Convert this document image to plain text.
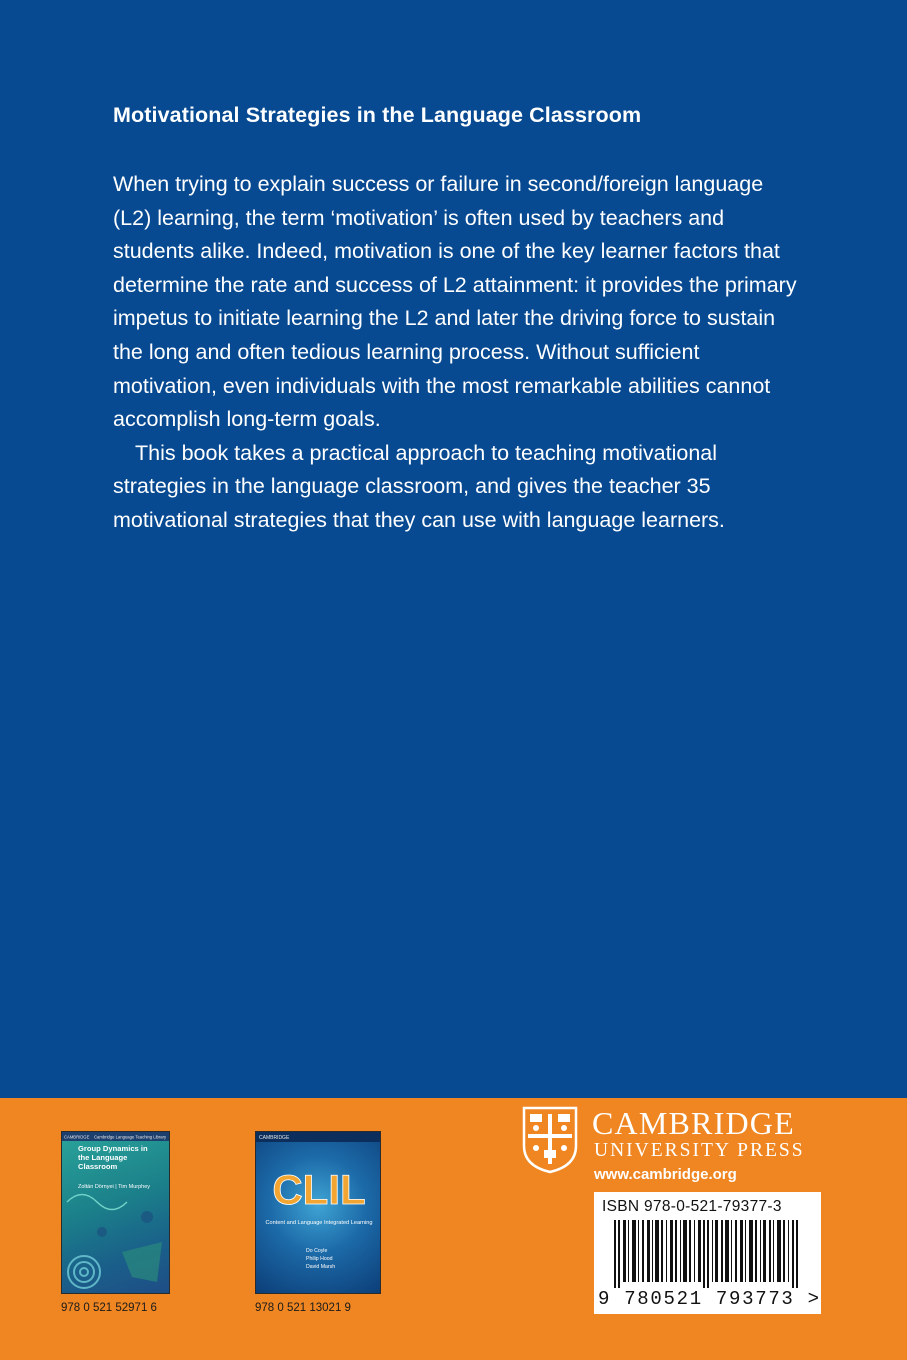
Motivational Strategies in the Language Classroom

When trying to explain success or failure in second/foreign language (L2) learning, the term ‘motivation’ is often used by teachers and students alike. Indeed, motivation is one of the key learner factors that determine the rate and success of L2 attainment: it provides the primary impetus to initiate learning the L2 and later the driving force to sustain the long and often tedious learning process. Without sufficient motivation, even individuals with the most remarkable abilities cannot accomplish long-term goals.

This book takes a practical approach to teaching motivational strategies in the language classroom, and gives the teacher 35 motivational strategies that they can use with language learners.

CAMBRIDGE Cambridge Language Teaching Library
Group Dynamics in the Language Classroom
Zoltán Dörnyei | Tim Murphey
978 0 521 52971 6
CAMBRIDGE
CLIL
Content and Language Integrated Learning
Do Coyle
Philip Hood
David Marsh
978 0 521 13021 9
CAMBRIDGE
UNIVERSITY PRESS
www.cambridge.org
ISBN 978-0-521-79377-3
9 780521 793773 >
